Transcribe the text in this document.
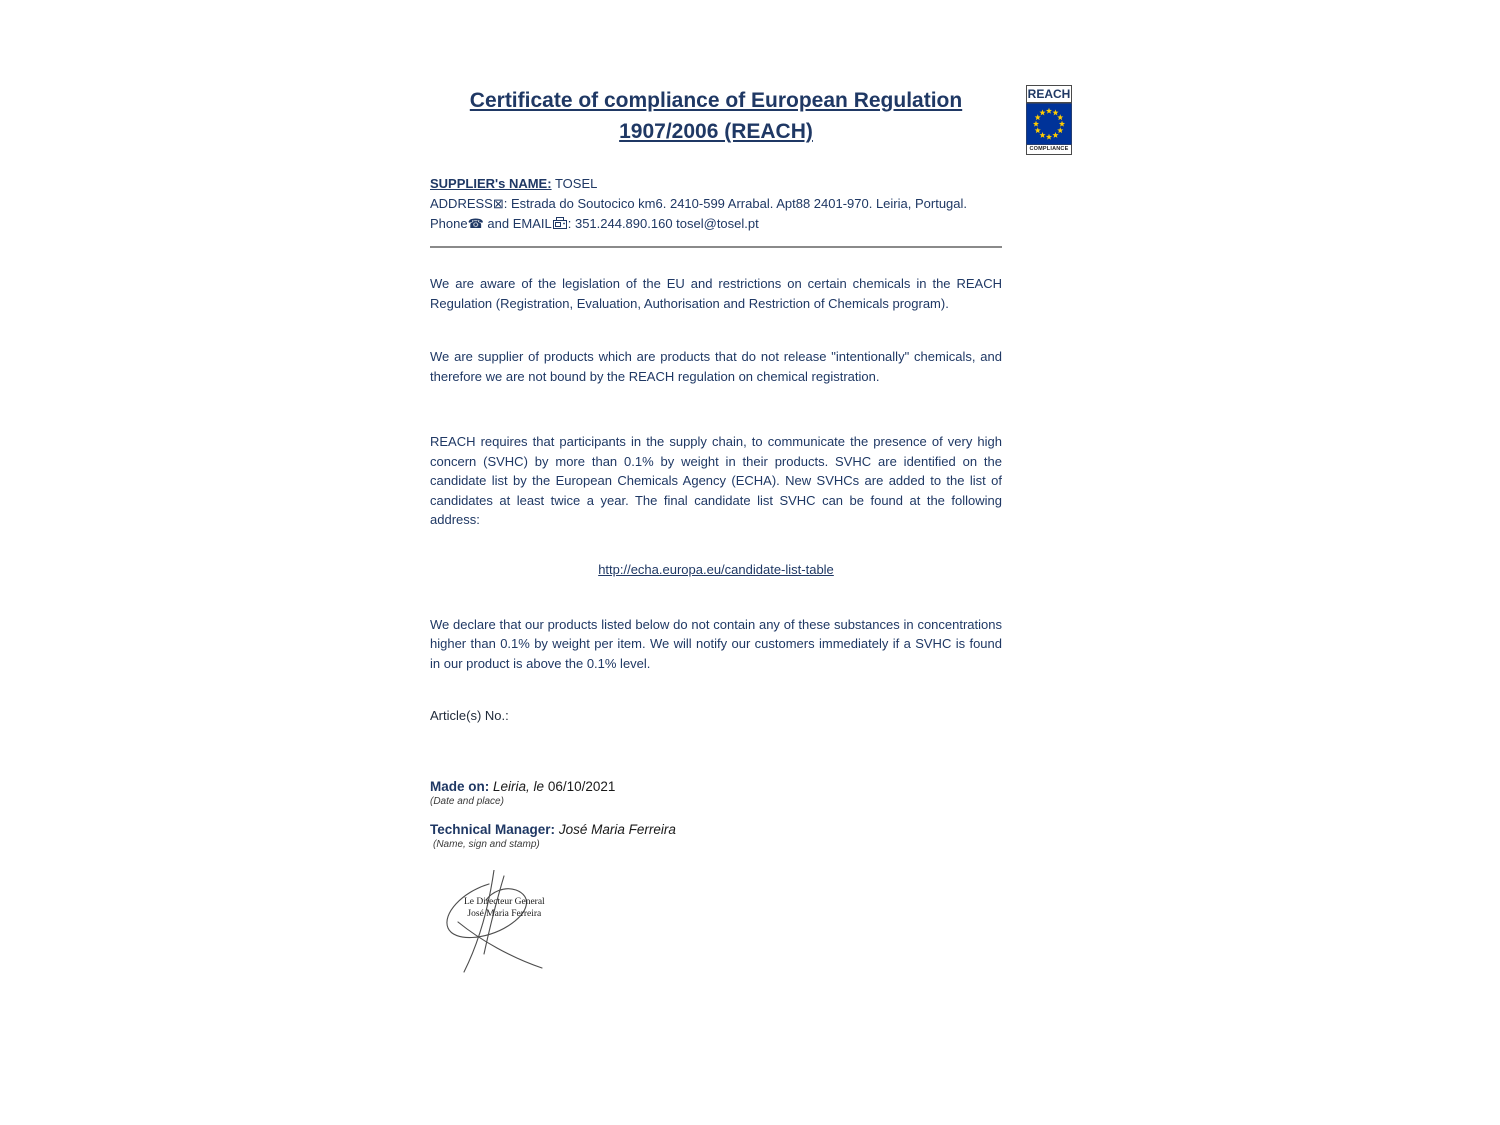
REACH
COMPLIANCE
Certificate of compliance of European Regulation
1907/2006 (REACH)
SUPPLIER's NAME: TOSEL
ADDRESS⊠: Estrada do Soutocico km6. 2410-599 Arrabal. Apt88 2401-970. Leiria, Portugal.
Phone☎ and EMAIL : 351.244.890.160 tosel@tosel.pt

We are aware of the legislation of the EU and restrictions on certain chemicals in the REACH Regulation (Registration, Evaluation, Authorisation and Restriction of Chemicals program).

We are supplier of products which are products that do not release "intentionally" chemicals, and therefore we are not bound by the REACH regulation on chemical registration.

REACH requires that participants in the supply chain, to communicate the presence of very high concern (SVHC) by more than 0.1% by weight in their products. SVHC are identified on the candidate list by the European Chemicals Agency (ECHA). New SVHCs are added to the list of candidates at least twice a year. The final candidate list SVHC can be found at the following address:

http://echa.europa.eu/candidate-list-table

We declare that our products listed below do not contain any of these substances in concentrations higher than 0.1% by weight per item. We will notify our customers immediately if a SVHC is found in our product is above the 0.1% level.

Article(s) No.:

Made on: Leiria, le 06/10/2021
(Date and place)
Technical Manager: José Maria Ferreira
(Name, sign and stamp)
Le Directeur General
José Maria Ferreira
